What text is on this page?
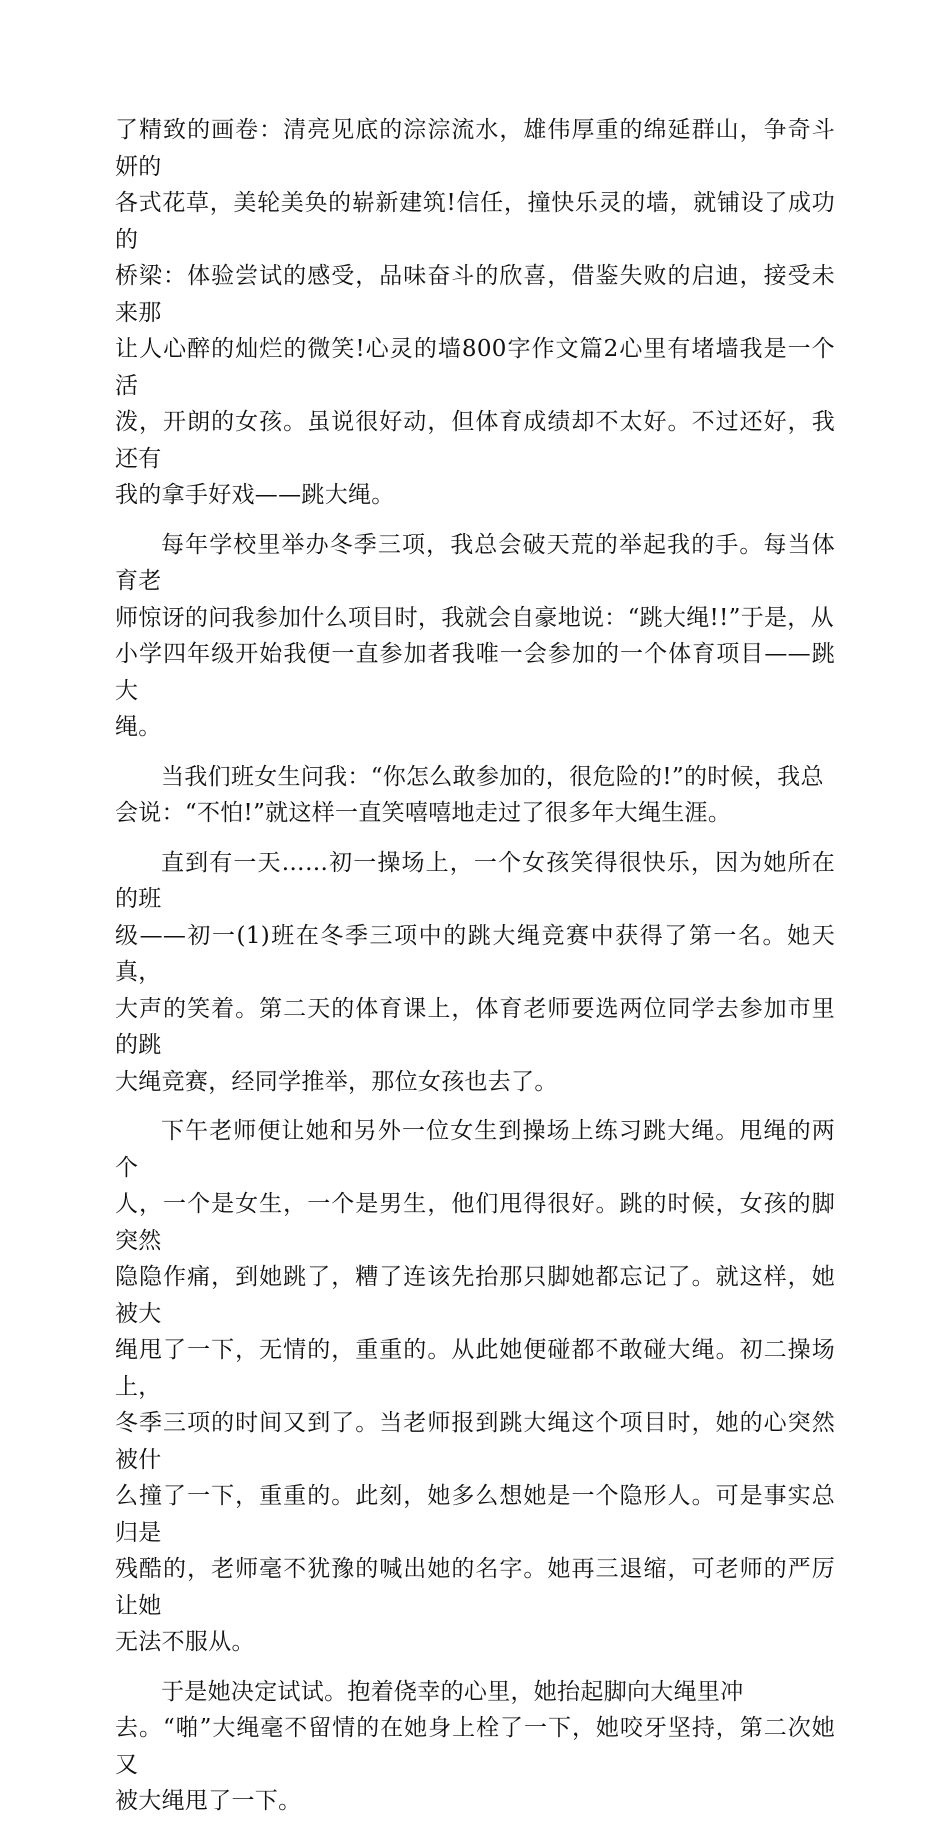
了精致的画卷：清亮见底的淙淙流水，雄伟厚重的绵延群山，争奇斗妍的
各式花草，美轮美奂的崭新建筑!信任，撞快乐灵的墙，就铺设了成功的
桥梁：体验尝试的感受，品味奋斗的欣喜，借鉴失败的启迪，接受未来那
让人心醉的灿烂的微笑!心灵的墙800字作文篇2心里有堵墙我是一个活
泼，开朗的女孩。虽说很好动，但体育成绩却不太好。不过还好，我还有
我的拿手好戏——跳大绳。
每年学校里举办冬季三项，我总会破天荒的举起我的手。每当体育老
师惊讶的问我参加什么项目时，我就会自豪地说：“跳大绳!!”于是，从
小学四年级开始我便一直参加者我唯一会参加的一个体育项目——跳大
绳。
当我们班女生问我：“你怎么敢参加的，很危险的!”的时候，我总
会说：“不怕!”就这样一直笑嘻嘻地走过了很多年大绳生涯。
直到有一天……初一操场上，一个女孩笑得很快乐，因为她所在的班
级——初一(1)班在冬季三项中的跳大绳竞赛中获得了第一名。她天真，
大声的笑着。第二天的体育课上，体育老师要选两位同学去参加市里的跳
大绳竞赛，经同学推举，那位女孩也去了。
下午老师便让她和另外一位女生到操场上练习跳大绳。甩绳的两个
人，一个是女生，一个是男生，他们甩得很好。跳的时候，女孩的脚突然
隐隐作痛，到她跳了，糟了连该先抬那只脚她都忘记了。就这样，她被大
绳甩了一下，无情的，重重的。从此她便碰都不敢碰大绳。初二操场上，
冬季三项的时间又到了。当老师报到跳大绳这个项目时，她的心突然被什
么撞了一下，重重的。此刻，她多么想她是一个隐形人。可是事实总归是
残酷的，老师毫不犹豫的喊出她的名字。她再三退缩，可老师的严厉让她
无法不服从。
于是她决定试试。抱着侥幸的心里，她抬起脚向大绳里冲
去。“啪”大绳毫不留情的在她身上栓了一下，她咬牙坚持，第二次她又
被大绳甩了一下。
